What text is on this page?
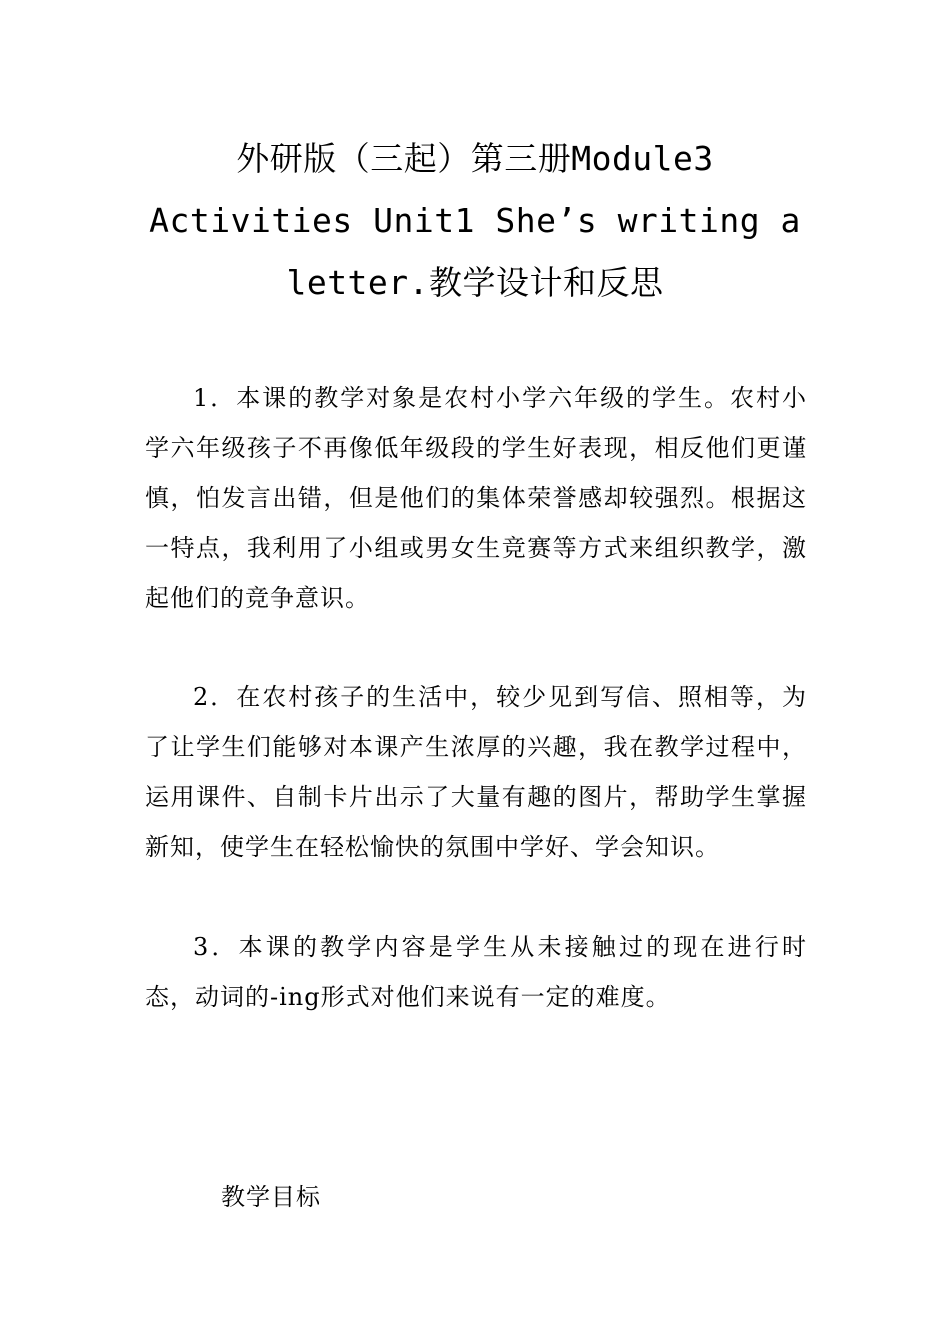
外研版（三起）第三册Module3 Activities Unit1 She’s writing a letter.教学设计和反思

1．本课的教学对象是农村小学六年级的学生。农村小学六年级孩子不再像低年级段的学生好表现，相反他们更谨慎，怕发言出错，但是他们的集体荣誉感却较强烈。根据这一特点，我利用了小组或男女生竞赛等方式来组织教学，激起他们的竞争意识。

2．在农村孩子的生活中，较少见到写信、照相等，为了让学生们能够对本课产生浓厚的兴趣，我在教学过程中，运用课件、自制卡片出示了大量有趣的图片，帮助学生掌握新知，使学生在轻松愉快的氛围中学好、学会知识。

3．本课的教学内容是学生从未接触过的现在进行时态，动词的-ing形式对他们来说有一定的难度。

教学目标
